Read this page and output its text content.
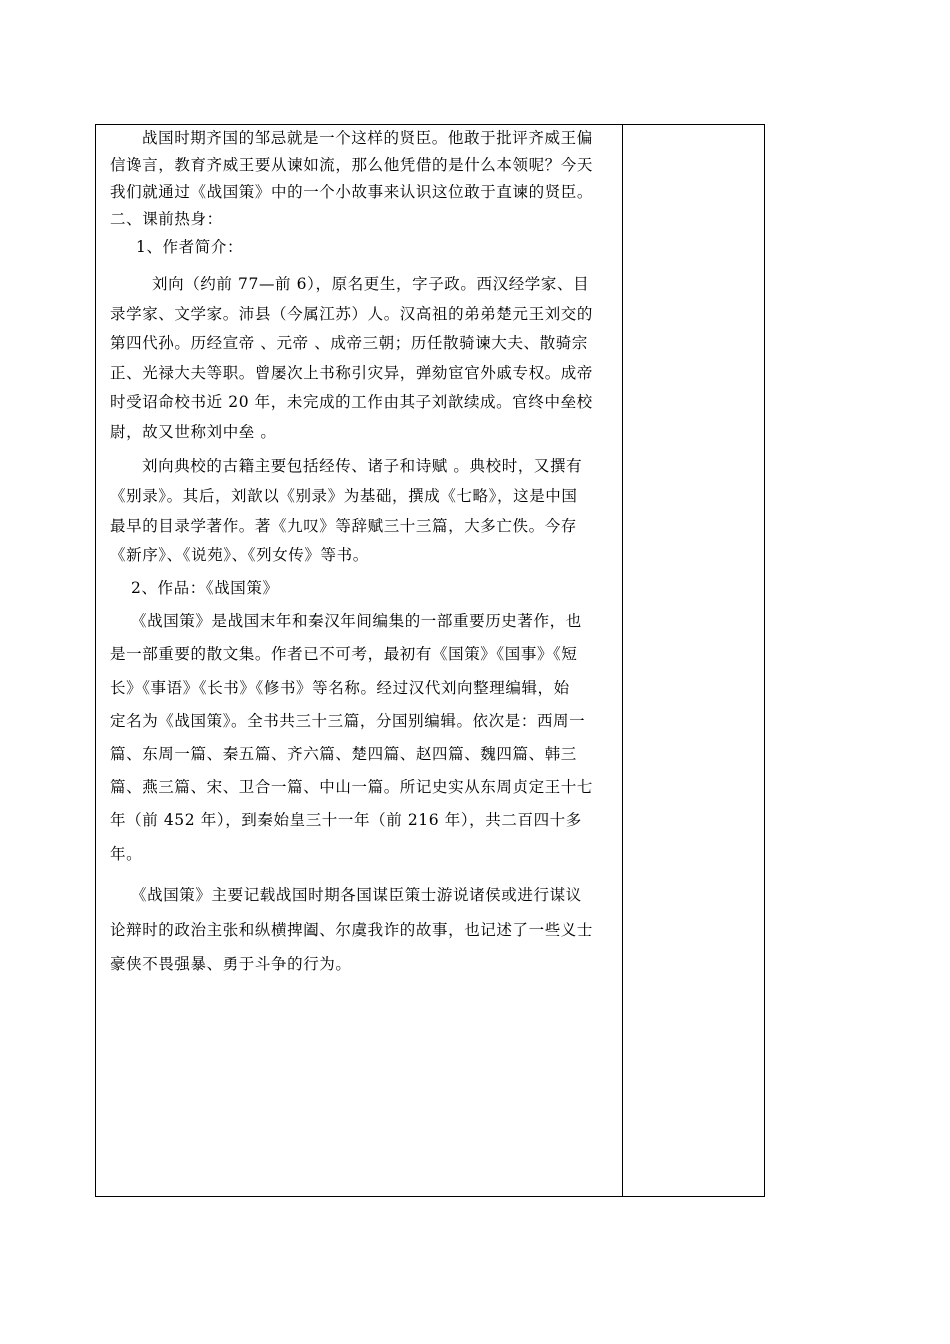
战国时期齐国的邹忌就是一个这样的贤臣。他敢于批评齐威王偏
信谗言，教育齐威王要从谏如流，那么他凭借的是什么本领呢？今天
我们就通过《战国策》中的一个小故事来认识这位敢于直谏的贤臣。
二、课前热身：
1、作者简介：
刘向（约前 77—前 6），原名更生，字子政。西汉经学家、目
录学家、文学家。沛县（今属江苏）人。汉高祖的弟弟楚元王刘交的
第四代孙。历经宣帝 、元帝 、成帝三朝；历任散骑谏大夫、散骑宗
正、光禄大夫等职。曾屡次上书称引灾异，弹劾宦官外戚专权。成帝
时受诏命校书近 20 年，未完成的工作由其子刘歆续成。官终中垒校
尉，故又世称刘中垒 。
刘向典校的古籍主要包括经传、诸子和诗赋 。典校时，又撰有
《别录》。其后，刘歆以《别录》为基础，撰成《七略》，这是中国
最早的目录学著作。著《九叹》等辞赋三十三篇，大多亡佚。今存
《新序》、《说苑》、《列女传》等书。
2、作品：《战国策》
《战国策》是战国末年和秦汉年间编集的一部重要历史著作，也
是一部重要的散文集。作者已不可考，最初有《国策》《国事》《短
长》《事语》《长书》《修书》等名称。经过汉代刘向整理编辑，始
定名为《战国策》。全书共三十三篇，分国别编辑。依次是：西周一
篇、东周一篇、秦五篇、齐六篇、楚四篇、赵四篇、魏四篇、韩三
篇、燕三篇、宋、卫合一篇、中山一篇。所记史实从东周贞定王十七
年（前 452 年），到秦始皇三十一年（前 216 年），共二百四十多
年。
《战国策》主要记载战国时期各国谋臣策士游说诸侯或进行谋议
论辩时的政治主张和纵横捭阖、尔虞我诈的故事，也记述了一些义士
豪侠不畏强暴、勇于斗争的行为。
